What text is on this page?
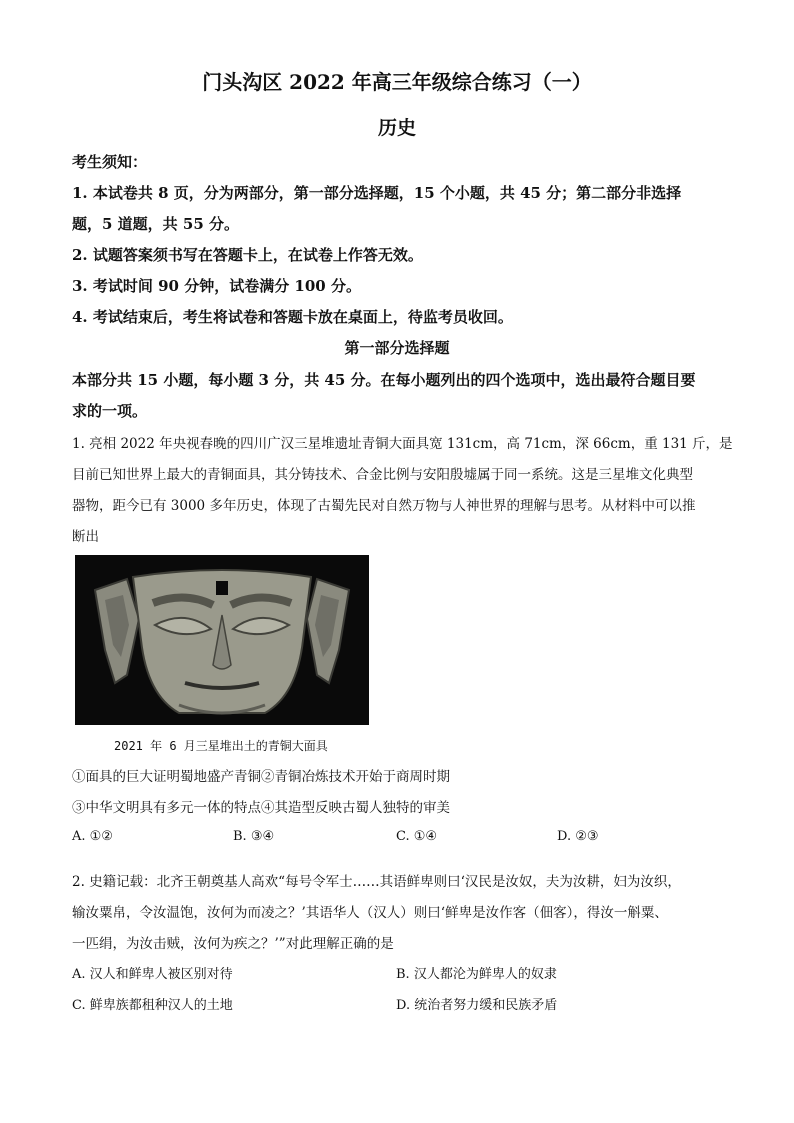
门头沟区 2022 年高三年级综合练习（一）
历史
考生须知：
1. 本试卷共 8 页，分为两部分，第一部分选择题，15 个小题，共 45 分；第二部分非选择
题，5 道题，共 55 分。
2. 试题答案须书写在答题卡上，在试卷上作答无效。
3. 考试时间 90 分钟，试卷满分 100 分。
4. 考试结束后，考生将试卷和答题卡放在桌面上，待监考员收回。
第一部分选择题
本部分共 15 小题，每小题 3 分，共 45 分。在每小题列出的四个选项中，选出最符合题目要
求的一项。
1. 亮相 2022 年央视春晚的四川广汉三星堆遗址青铜大面具宽 131cm，高 71cm，深 66cm，重 131 斤，是
目前已知世界上最大的青铜面具，其分铸技术、合金比例与安阳殷墟属于同一系统。这是三星堆文化典型
器物，距今已有 3000 多年历史，体现了古蜀先民对自然万物与人神世界的理解与思考。从材料中可以推
断出
2021 年 6 月三星堆出土的青铜大面具
①面具的巨大证明蜀地盛产青铜②青铜冶炼技术开始于商周时期
③中华文明具有多元一体的特点④其造型反映古蜀人独特的审美
A. ①②	B. ③④	C. ①④	D. ②③
2. 史籍记载：北齐王朝奠基人高欢“每号令军士……其语鲜卑则曰‘汉民是汝奴，夫为汝耕，妇为汝织，
输汝粟帛，令汝温饱，汝何为而凌之？’其语华人（汉人）则曰‘鲜卑是汝作客（佃客），得汝一斛粟、
一匹绢，为汝击贼，汝何为疾之？’”对此理解正确的是
A. 汉人和鲜卑人被区别对待	B. 汉人都沦为鲜卑人的奴隶
C. 鲜卑族都租种汉人的土地	D. 统治者努力缓和民族矛盾
